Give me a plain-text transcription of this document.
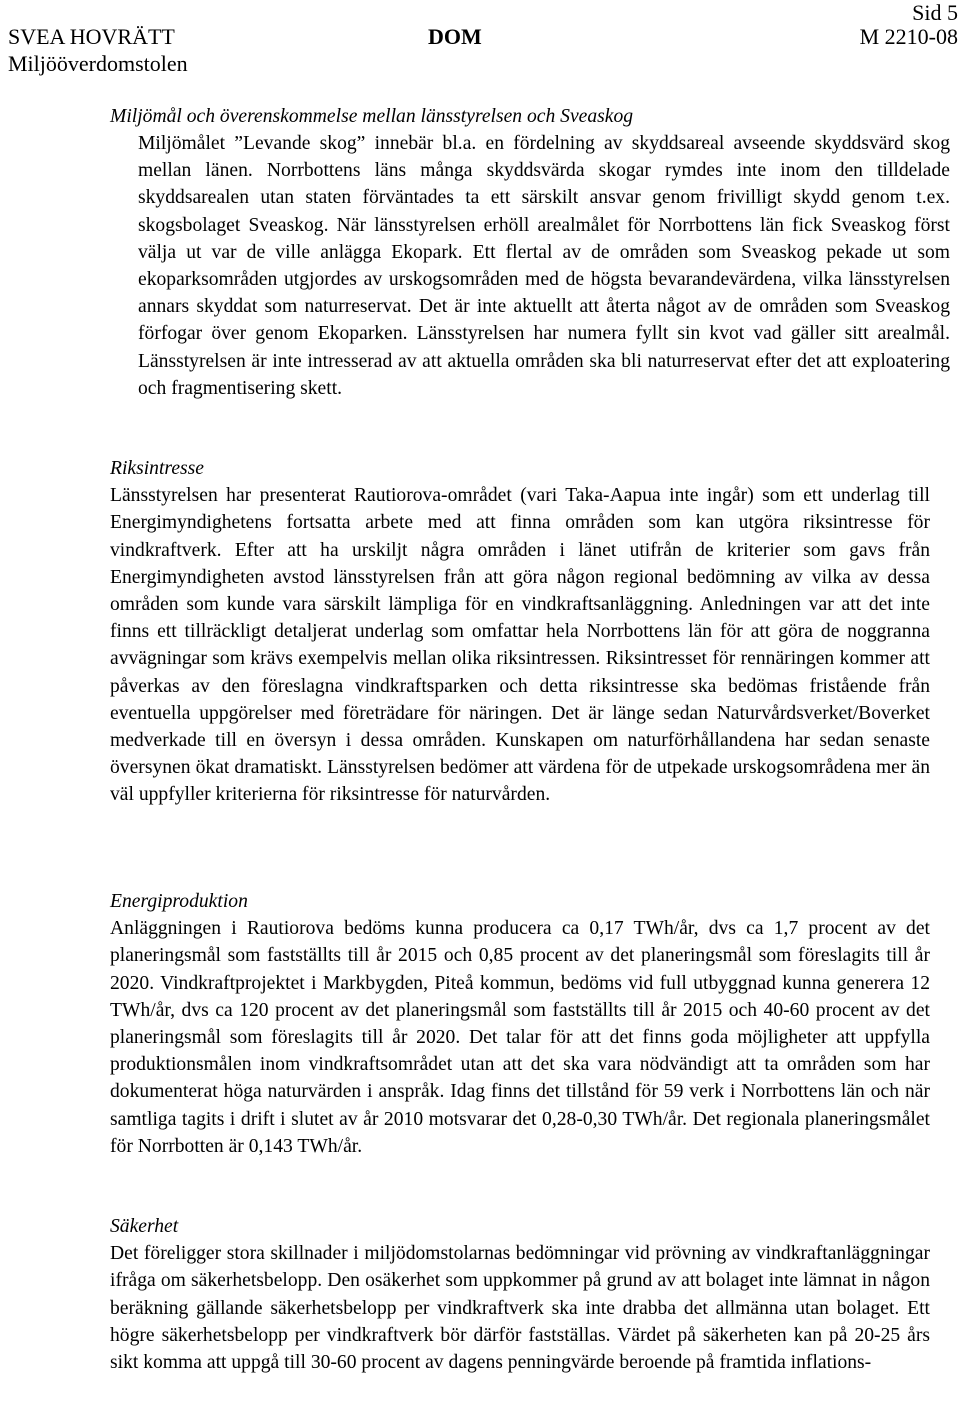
SVEA HOVRÄTT
Miljööverdomstolen
DOM
Sid 5
M 2210-08

Miljömål och överenskommelse mellan länsstyrelsen och Sveaskog

Miljömålet ”Levande skog” innebär bl.a. en fördelning av skyddsareal avseende skyddsvärd skog mellan länen. Norrbottens läns många skyddsvärda skogar rymdes inte inom den tilldelade skyddsarealen utan staten förväntades ta ett särskilt ansvar genom frivilligt skydd genom t.ex. skogsbolaget Sveaskog. När länsstyrelsen erhöll arealmålet för Norrbottens län fick Sveaskog först välja ut var de ville anlägga Ekopark. Ett flertal av de områden som Sveaskog pekade ut som ekoparksområden utgjordes av urskogsområden med de högsta bevarandevärdena, vilka länsstyrelsen annars skyddat som naturreservat. Det är inte aktuellt att återta något av de områden som Sveaskog förfogar över genom Ekoparken. Länsstyrelsen har numera fyllt sin kvot vad gäller sitt arealmål. Länsstyrelsen är inte intresserad av att aktuella områden ska bli naturreservat efter det att exploatering och fragmentisering skett.

Riksintresse

Länsstyrelsen har presenterat Rautiorova-området (vari Taka-Aapua inte ingår) som ett underlag till Energimyndighetens fortsatta arbete med att finna områden som kan utgöra riksintresse för vindkraftverk. Efter att ha urskiljt några områden i länet utifrån de kriterier som gavs från Energimyndigheten avstod länsstyrelsen från att göra någon regional bedömning av vilka av dessa områden som kunde vara särskilt lämpliga för en vindkraftsanläggning. Anledningen var att det inte finns ett tillräckligt detaljerat underlag som omfattar hela Norrbottens län för att göra de noggranna avvägningar som krävs exempelvis mellan olika riksintressen. Riksintresset för rennäringen kommer att påverkas av den föreslagna vindkraftsparken och detta riksintresse ska bedömas fristående från eventuella uppgörelser med företrädare för näringen. Det är länge sedan Naturvårdsverket/Boverket medverkade till en översyn i dessa områden. Kunskapen om naturförhållandena har sedan senaste översynen ökat dramatiskt. Länsstyrelsen bedömer att värdena för de utpekade urskogsområdena mer än väl uppfyller kriterierna för riksintresse för naturvården.

Energiproduktion

Anläggningen i Rautiorova bedöms kunna producera ca 0,17 TWh/år, dvs ca 1,7 procent av det planeringsmål som fastställts till år 2015 och 0,85 procent av det planeringsmål som föreslagits till år 2020. Vindkraftprojektet i Markbygden, Piteå kommun, bedöms vid full utbyggnad kunna generera 12 TWh/år, dvs ca 120 procent av det planeringsmål som fastställts till år 2015 och 40-60 procent av det planeringsmål som föreslagits till år 2020. Det talar för att det finns goda möjligheter att uppfylla produktionsmålen inom vindkraftsområdet utan att det ska vara nödvändigt att ta områden som har dokumenterat höga naturvärden i anspråk. Idag finns det tillstånd för 59 verk i Norrbottens län och när samtliga tagits i drift i slutet av år 2010 motsvarar det 0,28-0,30 TWh/år. Det regionala planeringsmålet för Norrbotten är 0,143 TWh/år.

Säkerhet

Det föreligger stora skillnader i miljödomstolarnas bedömningar vid prövning av vindkraftanläggningar ifråga om säkerhetsbelopp. Den osäkerhet som uppkommer på grund av att bolaget inte lämnat in någon beräkning gällande säkerhetsbelopp per vindkraftverk ska inte drabba det allmänna utan bolaget. Ett högre säkerhetsbelopp per vindkraftverk bör därför fastställas. Värdet på säkerheten kan på 20-25 års sikt komma att uppgå till 30-60 procent av dagens penningvärde beroende på framtida inflations-
